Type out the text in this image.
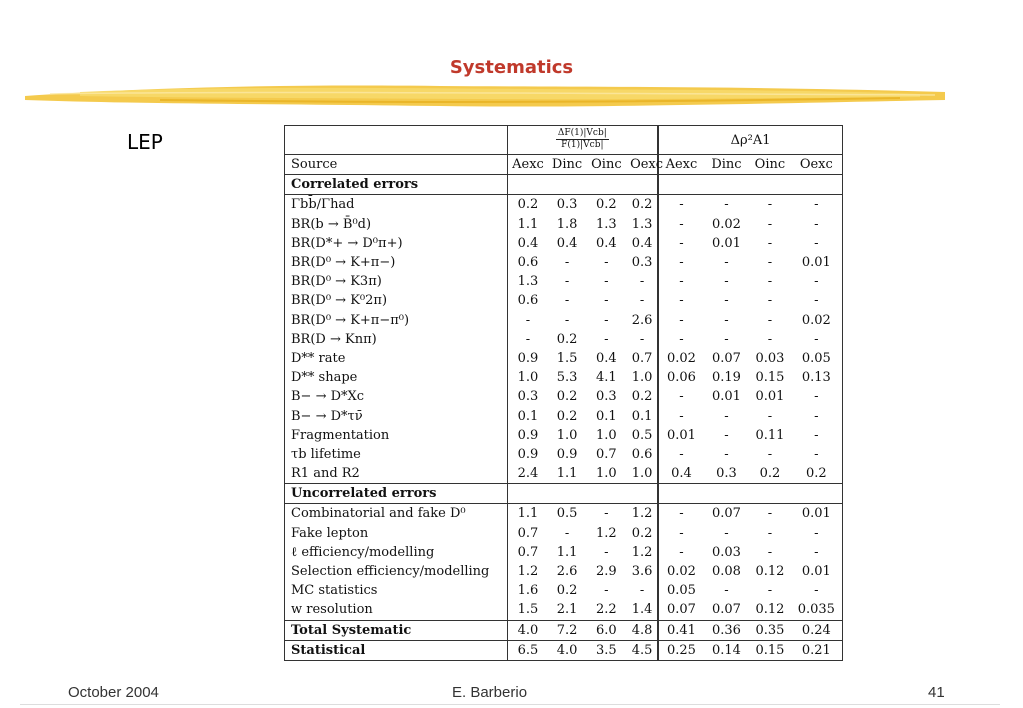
Systematics
LEP

	$\frac{\text{ΔF(1)|Vcb|}}{\text{F(1)|Vcb|}}$				Δρ²A1			
Source	Aexc	Dinc	Oinc	Oexc	Aexc	Dinc	Oinc	Oexc
Correlated errors								
Γbb̄/Γhad	0.2	0.3	0.2	0.2	-	-	-	-
BR(b → B̄⁰d)	1.1	1.8	1.3	1.3	-	0.02	-	-
BR(D*+ → D⁰π+)	0.4	0.4	0.4	0.4	-	0.01	-	-
BR(D⁰ → K+π−)	0.6	-	-	0.3	-	-	-	0.01
BR(D⁰ → K3π)	1.3	-	-	-	-	-	-	-
BR(D⁰ → K⁰2π)	0.6	-	-	-	-	-	-	-
BR(D⁰ → K+π−π⁰)	-	-	-	2.6	-	-	-	0.02
BR(D → Knπ)	-	0.2	-	-	-	-	-	-
D** rate	0.9	1.5	0.4	0.7	0.02	0.07	0.03	0.05
D** shape	1.0	5.3	4.1	1.0	0.06	0.19	0.15	0.13
B− → D*Xc	0.3	0.2	0.3	0.2	-	0.01	0.01	-
B− → D*τν̄	0.1	0.2	0.1	0.1	-	-	-	-
Fragmentation	0.9	1.0	1.0	0.5	0.01	-	0.11	-
τb lifetime	0.9	0.9	0.7	0.6	-	-	-	-
R1 and R2	2.4	1.1	1.0	1.0	0.4	0.3	0.2	0.2
Uncorrelated errors								
Combinatorial and fake D⁰	1.1	0.5	-	1.2	-	0.07	-	0.01
Fake lepton	0.7	-	1.2	0.2	-	-	-	-
ℓ efficiency/modelling	0.7	1.1	-	1.2	-	0.03	-	-
Selection efficiency/modelling	1.2	2.6	2.9	3.6	0.02	0.08	0.12	0.01
MC statistics	1.6	0.2	-	-	0.05	-	-	-
w resolution	1.5	2.1	2.2	1.4	0.07	0.07	0.12	0.035
Total Systematic	4.0	7.2	6.0	4.8	0.41	0.36	0.35	0.24
Statistical	6.5	4.0	3.5	4.5	0.25	0.14	0.15	0.21
October 2004	E. Barberio	41
